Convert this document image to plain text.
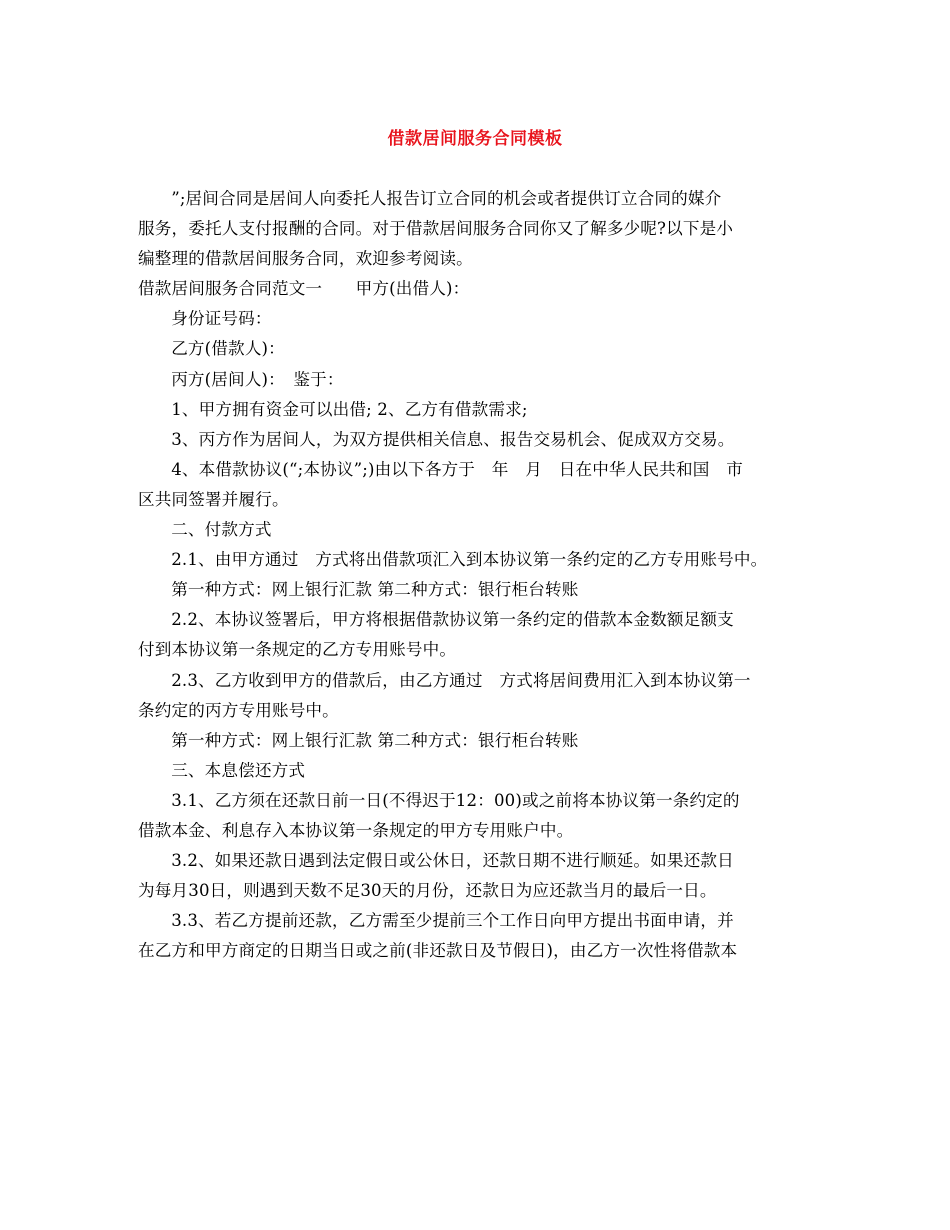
借款居间服务合同模板
”;居间合同是居间人向委托人报告订立合同的机会或者提供订立合同的媒介
服务，委托人支付报酬的合同。对于借款居间服务合同你又了解多少呢?以下是小
编整理的借款居间服务合同，欢迎参考阅读。
借款居间服务合同范文一　　甲方(出借人)：
身份证号码：
乙方(借款人)：
丙方(居间人)：　鉴于：
1、甲方拥有资金可以出借; 2、乙方有借款需求;
3、丙方作为居间人，为双方提供相关信息、报告交易机会、促成双方交易。
4、本借款协议(“;本协议”;)由以下各方于　年　月　日在中华人民共和国　市
区共同签署并履行。
二、付款方式
2.1、由甲方通过　方式将出借款项汇入到本协议第一条约定的乙方专用账号中。
第一种方式：网上银行汇款 第二种方式：银行柜台转账
2.2、本协议签署后，甲方将根据借款协议第一条约定的借款本金数额足额支
付到本协议第一条规定的乙方专用账号中。
2.3、乙方收到甲方的借款后，由乙方通过　方式将居间费用汇入到本协议第一
条约定的丙方专用账号中。
第一种方式：网上银行汇款 第二种方式：银行柜台转账
三、本息偿还方式
3.1、乙方须在还款日前一日(不得迟于12：00)或之前将本协议第一条约定的
借款本金、利息存入本协议第一条规定的甲方专用账户中。
3.2、如果还款日遇到法定假日或公休日，还款日期不进行顺延。如果还款日
为每月30日，则遇到天数不足30天的月份，还款日为应还款当月的最后一日。
3.3、若乙方提前还款，乙方需至少提前三个工作日向甲方提出书面申请，并
在乙方和甲方商定的日期当日或之前(非还款日及节假日)，由乙方一次性将借款本
